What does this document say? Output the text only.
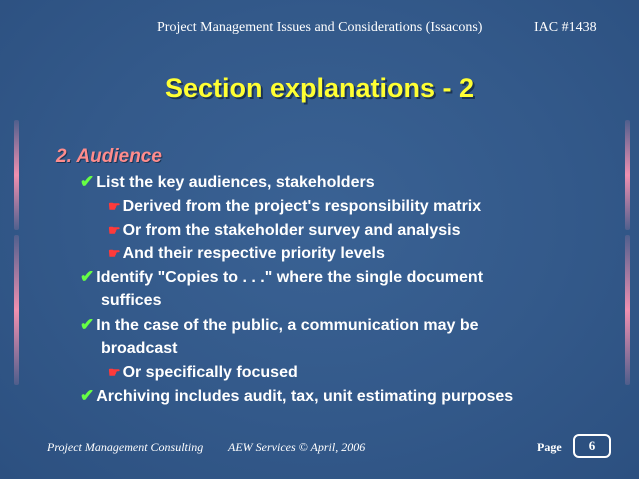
Project Management Issues and Considerations (Issacons)	IAC #1438
Section explanations - 2
2. Audience
✔ List the key audiences, stakeholders
☛ Derived from the project's responsibility matrix
☛ Or from the stakeholder survey and analysis
☛ And their respective priority levels
✔ Identify "Copies to . . ." where the single document
suffices
✔ In the case of the public, a communication may be
broadcast
☛ Or specifically focused
✔ Archiving includes audit, tax, unit estimating purposes
Project Management Consulting AEW Services © April, 2006	Page	6
